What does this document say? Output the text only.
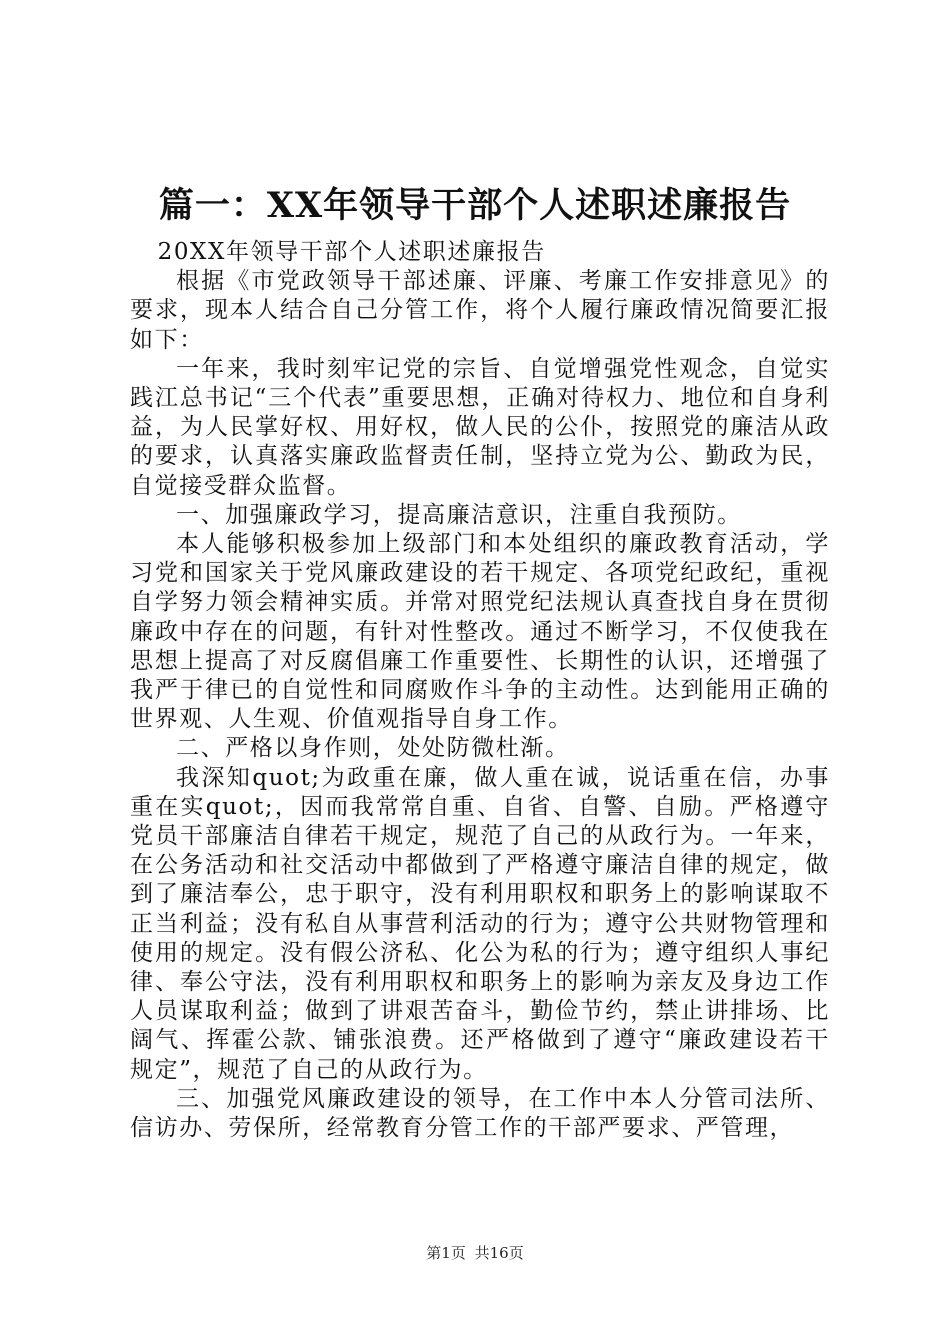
篇一：XX年领导干部个人述职述廉报告

20XX年领导干部个人述职述廉报告

根据《市党政领导干部述廉、评廉、考廉工作安排意见》的要求，现本人结合自己分管工作，将个人履行廉政情况简要汇报如下：

一年来，我时刻牢记党的宗旨、自觉增强党性观念，自觉实践江总书记“三个代表”重要思想，正确对待权力、地位和自身利益，为人民掌好权、用好权，做人民的公仆，按照党的廉洁从政的要求，认真落实廉政监督责任制，坚持立党为公、勤政为民，自觉接受群众监督。

一、加强廉政学习，提高廉洁意识，注重自我预防。

本人能够积极参加上级部门和本处组织的廉政教育活动，学习党和国家关于党风廉政建设的若干规定、各项党纪政纪，重视自学努力领会精神实质。并常对照党纪法规认真查找自身在贯彻廉政中存在的问题，有针对性整改。通过不断学习，不仅使我在思想上提高了对反腐倡廉工作重要性、长期性的认识，还增强了我严于律已的自觉性和同腐败作斗争的主动性。达到能用正确的世界观、人生观、价值观指导自身工作。

二、严格以身作则，处处防微杜渐。

我深知quot;为政重在廉，做人重在诚，说话重在信，办事重在实quot;，因而我常常自重、自省、自警、自励。严格遵守党员干部廉洁自律若干规定，规范了自己的从政行为。一年来，在公务活动和社交活动中都做到了严格遵守廉洁自律的规定，做到了廉洁奉公，忠于职守，没有利用职权和职务上的影响谋取不正当利益；没有私自从事营利活动的行为；遵守公共财物管理和使用的规定。没有假公济私、化公为私的行为；遵守组织人事纪律、奉公守法，没有利用职权和职务上的影响为亲友及身边工作人员谋取利益；做到了讲艰苦奋斗，勤俭节约，禁止讲排场、比阔气、挥霍公款、铺张浪费。还严格做到了遵守“廉政建设若干规定”，规范了自己的从政行为。

三、加强党风廉政建设的领导，在工作中本人分管司法所、信访办、劳保所，经常教育分管工作的干部严要求、严管理，

第1页 共16页
